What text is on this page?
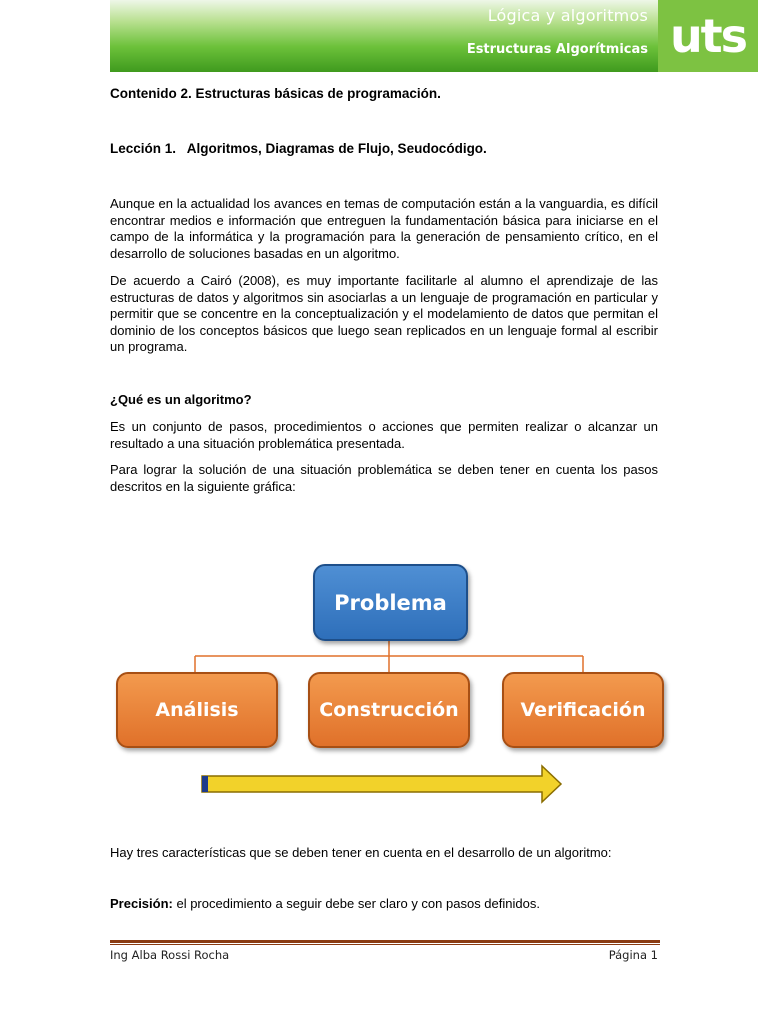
Lógica y algoritmos
Estructuras Algorítmicas uts
Contenido 2. Estructuras básicas de programación.
Lección 1.   Algoritmos, Diagramas de Flujo, Seudocódigo.
Aunque en la actualidad los avances en temas de computación están a la vanguardia, es difícil encontrar medios e información que entreguen la fundamentación básica para iniciarse en el campo de la informática y la programación para la generación de pensamiento crítico, en el desarrollo de soluciones basadas en un algoritmo.
De acuerdo a Cairó (2008), es muy importante facilitarle al alumno el aprendizaje de las estructuras de datos y algoritmos sin asociarlas a un lenguaje de programación en particular y permitir que se concentre en la conceptualización y el modelamiento de datos que permitan el dominio de los conceptos básicos que luego sean replicados en un lenguaje formal al escribir un programa.
¿Qué es un algoritmo?
Es un conjunto de pasos, procedimientos o acciones que permiten realizar o alcanzar un resultado a una situación problemática presentada.
Para lograr la solución de una situación problemática se deben tener en cuenta los pasos descritos en la siguiente gráfica:
Problema
Análisis	Construcción	Verificación
Hay tres características que se deben tener en cuenta en el desarrollo de un algoritmo:
Precisión: el procedimiento a seguir debe ser claro y con pasos definidos.
Ing Alba Rossi Rocha	Página 1
